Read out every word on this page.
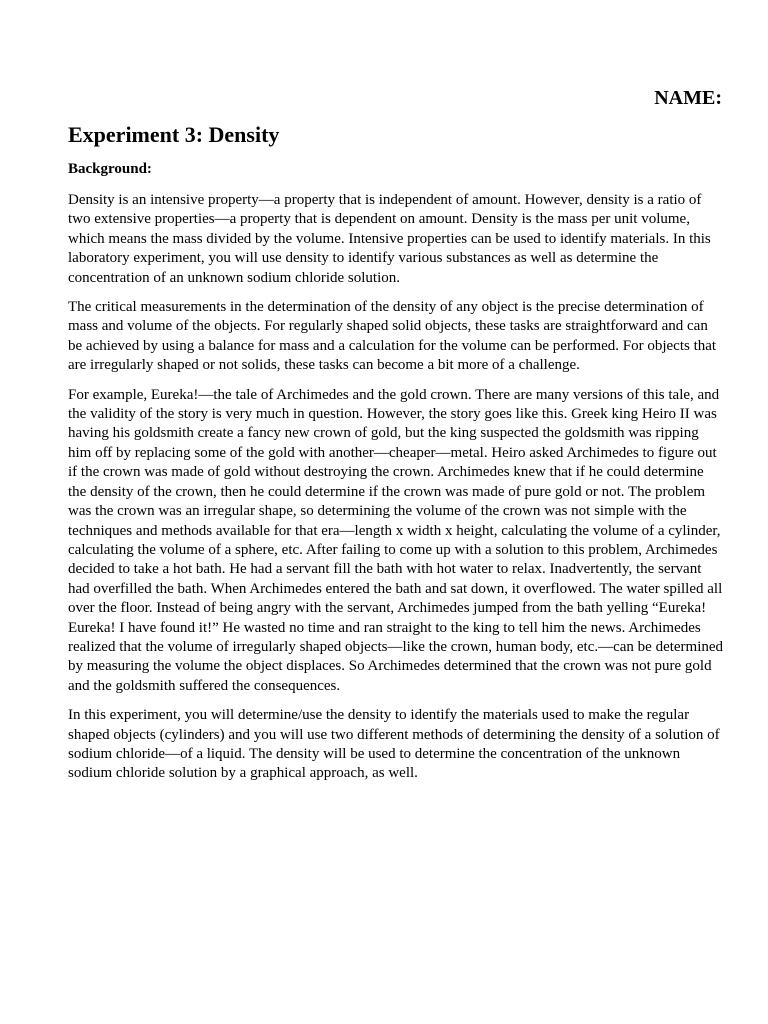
NAME:
Experiment 3: Density
Background:

Density is an intensive property—a property that is independent of amount. However, density is a ratio of two extensive properties—a property that is dependent on amount. Density is the mass per unit volume, which means the mass divided by the volume. Intensive properties can be used to identify materials. In this laboratory experiment, you will use density to identify various substances as well as determine the concentration of an unknown sodium chloride solution.

The critical measurements in the determination of the density of any object is the precise determination of mass and volume of the objects. For regularly shaped solid objects, these tasks are straightforward and can be achieved by using a balance for mass and a calculation for the volume can be performed. For objects that are irregularly shaped or not solids, these tasks can become a bit more of a challenge.

For example, Eureka!—the tale of Archimedes and the gold crown. There are many versions of this tale, and the validity of the story is very much in question. However, the story goes like this. Greek king Heiro II was having his goldsmith create a fancy new crown of gold, but the king suspected the goldsmith was ripping him off by replacing some of the gold with another—cheaper—metal. Heiro asked Archimedes to figure out if the crown was made of gold without destroying the crown. Archimedes knew that if he could determine the density of the crown, then he could determine if the crown was made of pure gold or not. The problem was the crown was an irregular shape, so determining the volume of the crown was not simple with the techniques and methods available for that era—length x width x height, calculating the volume of a cylinder, calculating the volume of a sphere, etc. After failing to come up with a solution to this problem, Archimedes decided to take a hot bath. He had a servant fill the bath with hot water to relax. Inadvertently, the servant had overfilled the bath. When Archimedes entered the bath and sat down, it overflowed. The water spilled all over the floor. Instead of being angry with the servant, Archimedes jumped from the bath yelling “Eureka! Eureka! I have found it!” He wasted no time and ran straight to the king to tell him the news. Archimedes realized that the volume of irregularly shaped objects—like the crown, human body, etc.—can be determined by measuring the volume the object displaces. So Archimedes determined that the crown was not pure gold and the goldsmith suffered the consequences.

In this experiment, you will determine/use the density to identify the materials used to make the regular shaped objects (cylinders) and you will use two different methods of determining the density of a solution of sodium chloride—of a liquid. The density will be used to determine the concentration of the unknown sodium chloride solution by a graphical approach, as well.
